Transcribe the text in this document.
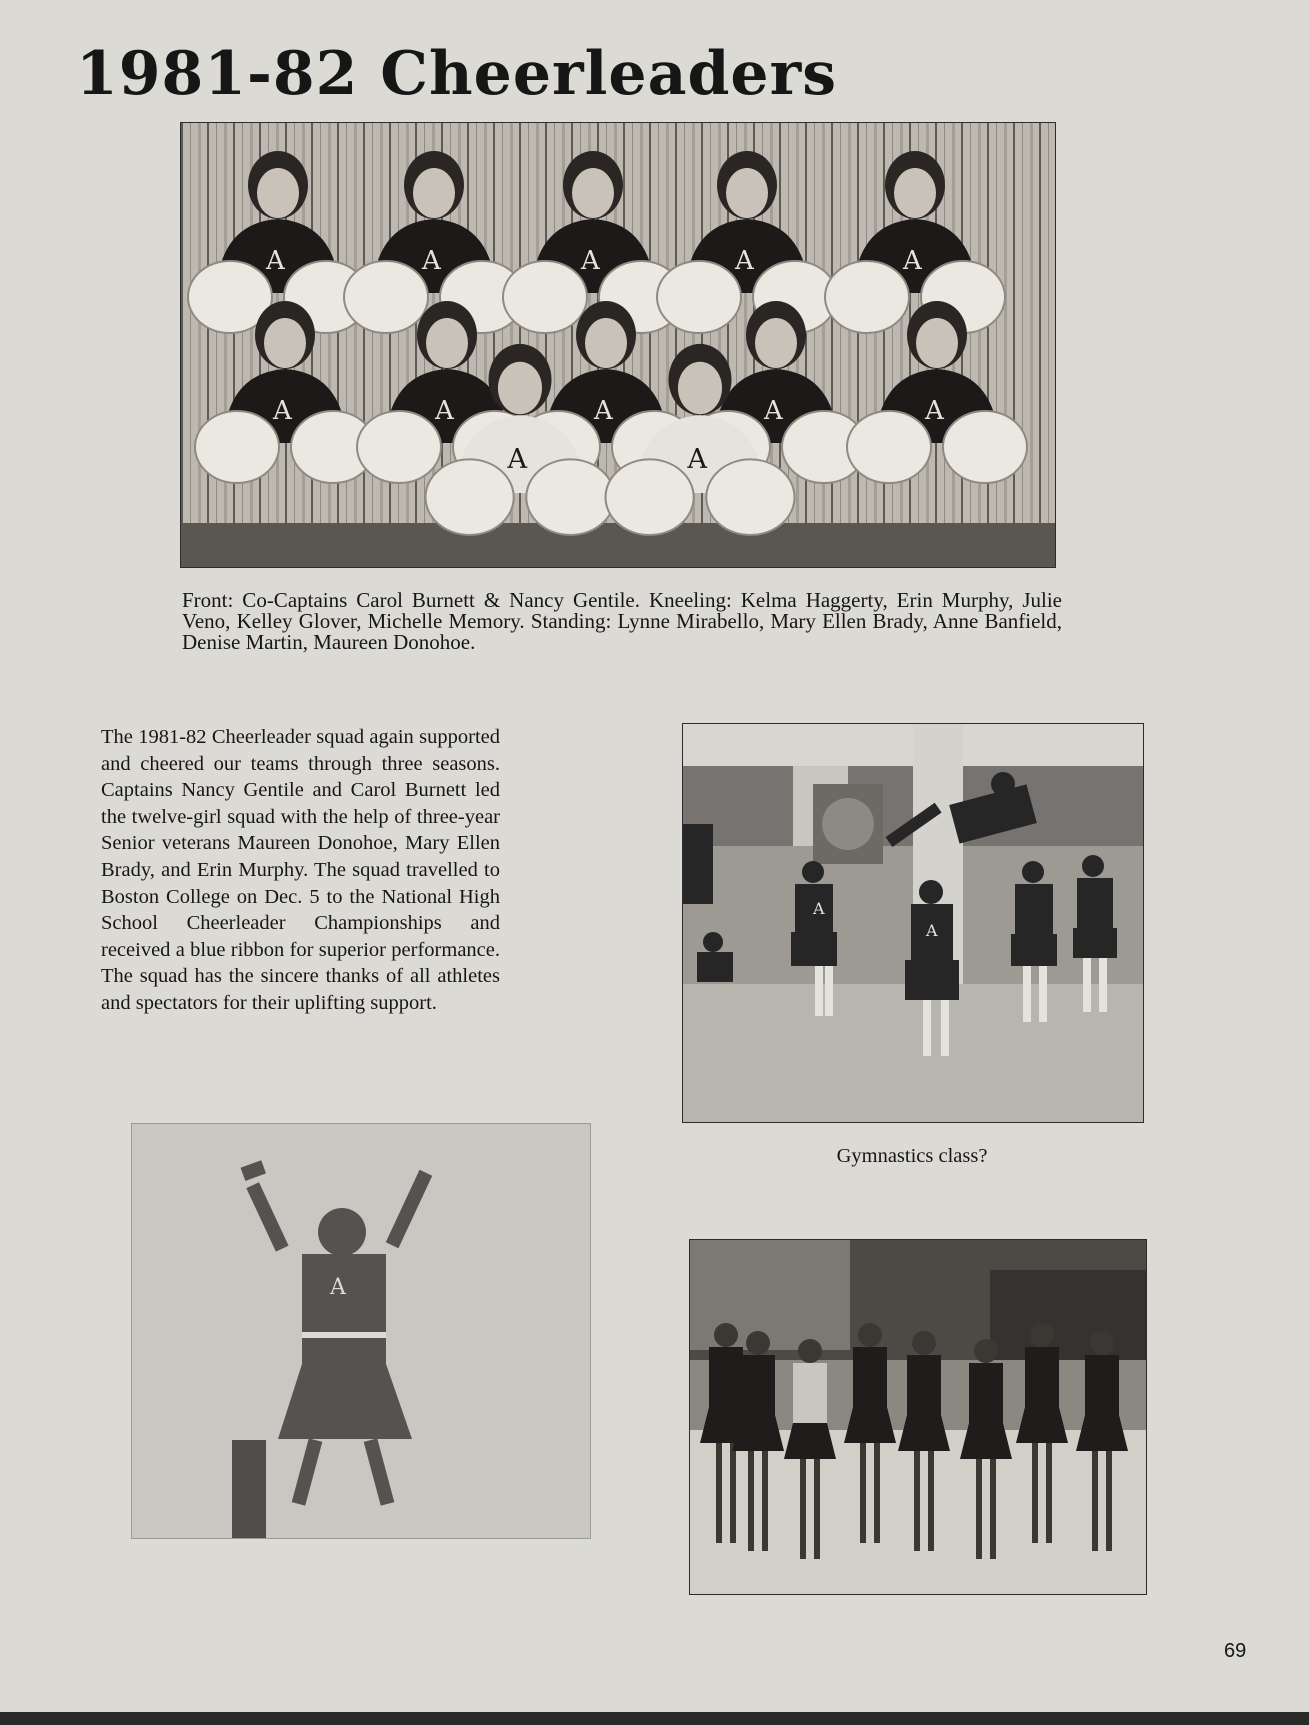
1981-82 Cheerleaders
A	A	A	A	A
A	A	A	A	A
A	A

Front: Co-Captains Carol Burnett & Nancy Gentile. Kneeling: Kelma Haggerty, Erin Murphy, Julie Veno, Kelley Glover, Michelle Memory. Standing: Lynne Mirabello, Mary Ellen Brady, Anne Banfield, Denise Martin, Maureen Donohoe.

The 1981-82 Cheerleader squad again supported and cheered our teams through three seasons. Captains Nancy Gentile and Carol Burnett led the twelve-girl squad with the help of three-year Senior veterans Maureen Donohoe, Mary Ellen Brady, and Erin Murphy. The squad travelled to Boston College on Dec. 5 to the National High School Cheerleader Championships and received a blue ribbon for superior performance. The squad has the sincere thanks of all athletes and spectators for their uplifting support.

A
A

Gymnastics class?

A

69
